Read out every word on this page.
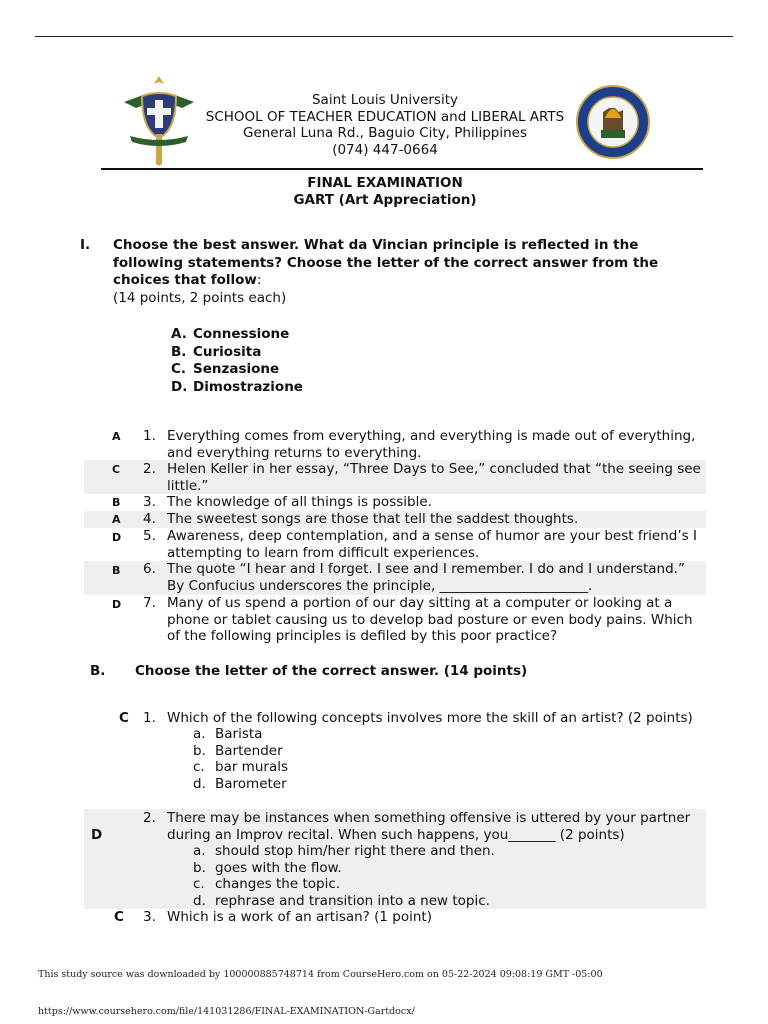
Saint Louis University
SCHOOL OF TEACHER EDUCATION and LIBERAL ARTS
General Luna Rd., Baguio City, Philippines
(074) 447-0664
FINAL EXAMINATION
GART (Art Appreciation)
I. Choose the best answer. What da Vincian principle is reflected in the following statements? Choose the letter of the correct answer from the choices that follow:
(14 points, 2 points each)
A. Connessione
B. Curiosita
C. Senzasione
D. Dimostrazione
A 1. Everything comes from everything, and everything is made out of everything, and everything returns to everything.
C 2. Helen Keller in her essay, “Three Days to See,” concluded that “the seeing see little.”
B 3. The knowledge of all things is possible.
A 4. The sweetest songs are those that tell the saddest thoughts.
D 5. Awareness, deep contemplation, and a sense of humor are your best friend’s I attempting to learn from difficult experiences.
B 6. The quote “I hear and I forget. I see and I remember. I do and I understand.” By Confucius underscores the principle, ______________________.
D 7. Many of us spend a portion of our day sitting at a computer or looking at a phone or tablet causing us to develop bad posture or even body pains. Which of the following principles is defiled by this poor practice?
B. Choose the letter of the correct answer. (14 points)
C 1. Which of the following concepts involves more the skill of an artist? (2 points)
a. Barista
b. Bartender
c. bar murals
d. Barometer
D
2. There may be instances when something offensive is uttered by your partner during an Improv recital. When such happens, you_______ (2 points)
a. should stop him/her right there and then.
b. goes with the flow.
c. changes the topic.
d. rephrase and transition into a new topic.
C 3. Which is a work of an artisan? (1 point)
This study source was downloaded by 100000885748714 from CourseHero.com on 05-22-2024 09:08:19 GMT -05:00
https://www.coursehero.com/file/141031286/FINAL-EXAMINATION-Gartdocx/
